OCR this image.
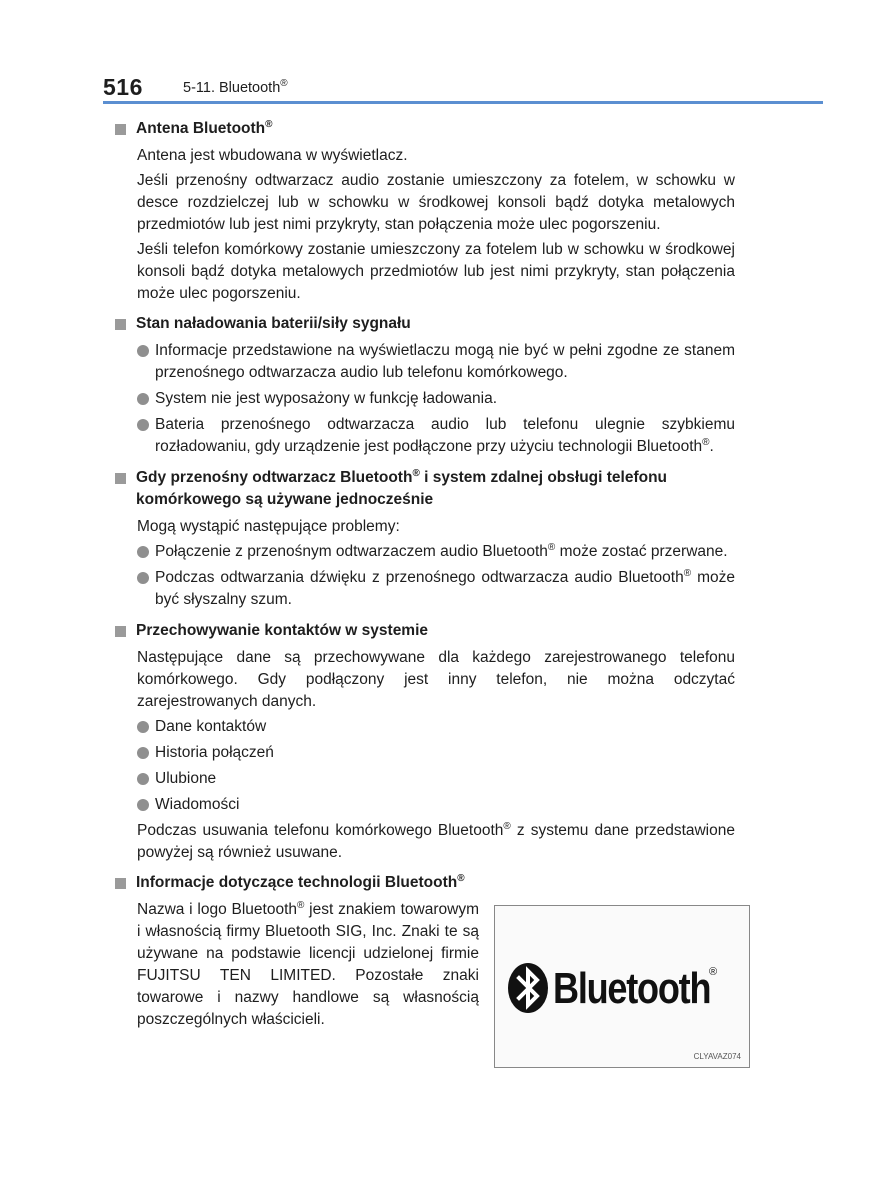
516	5-11. Bluetooth®
Antena Bluetooth®
Antena jest wbudowana w wyświetlacz.
Jeśli przenośny odtwarzacz audio zostanie umieszczony za fotelem, w schowku w desce rozdzielczej lub w schowku w środkowej konsoli bądź dotyka metalowych przedmiotów lub jest nimi przykryty, stan połączenia może ulec pogorszeniu.
Jeśli telefon komórkowy zostanie umieszczony za fotelem lub w schowku w środkowej konsoli bądź dotyka metalowych przedmiotów lub jest nimi przykryty, stan połączenia może ulec pogorszeniu.
Stan naładowania baterii/siły sygnału
Informacje przedstawione na wyświetlaczu mogą nie być w pełni zgodne ze stanem przenośnego odtwarzacza audio lub telefonu komórkowego.
System nie jest wyposażony w funkcję ładowania.
Bateria przenośnego odtwarzacza audio lub telefonu ulegnie szybkiemu rozładowaniu, gdy urządzenie jest podłączone przy użyciu technologii Bluetooth®.
Gdy przenośny odtwarzacz Bluetooth® i system zdalnej obsługi telefonu komórkowego są używane jednocześnie
Mogą wystąpić następujące problemy:
Połączenie z przenośnym odtwarzaczem audio Bluetooth® może zostać przerwane.
Podczas odtwarzania dźwięku z przenośnego odtwarzacza audio Bluetooth® może być słyszalny szum.
Przechowywanie kontaktów w systemie
Następujące dane są przechowywane dla każdego zarejestrowanego telefonu komórkowego. Gdy podłączony jest inny telefon, nie można odczytać zarejestrowanych danych.
Dane kontaktów
Historia połączeń
Ulubione
Wiadomości
Podczas usuwania telefonu komórkowego Bluetooth® z systemu dane przedstawione powyżej są również usuwane.
Informacje dotyczące technologii Bluetooth®
Nazwa i logo Bluetooth® jest znakiem towarowym i własnością firmy Bluetooth SIG, Inc. Znaki te są używane na podstawie licencji udzielonej firmie FUJITSU TEN LIMITED. Pozostałe znaki towarowe i nazwy handlowe są własnością poszczególnych właścicieli.
Bluetooth
®
CLYAVAZ074
